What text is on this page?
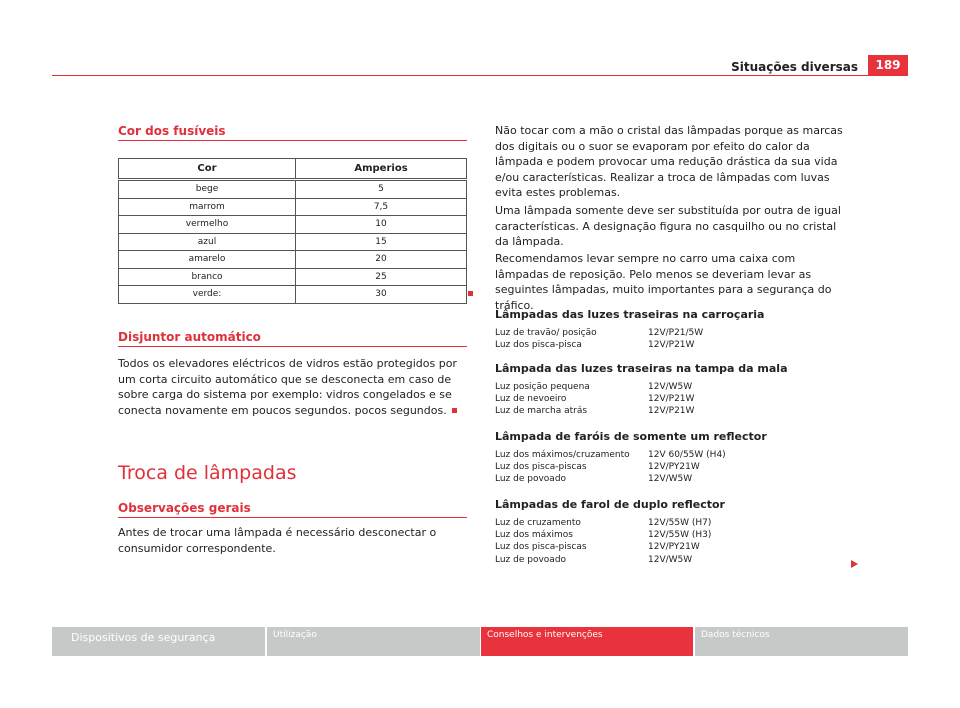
Situações diversas	189
Cor dos fusíveis
Cor	Amperios
bege	5
marrom	7,5
vermelho	10
azul	15
amarelo	20
branco	25
verde:	30
Disjuntor automático

Todos os elevadores eléctricos de vidros estão protegidos por um corta circuito automático que se desconecta em caso de sobre carga do sistema por exemplo: vidros congelados e se conecta novamente em poucos segundos. pocos segundos.

Troca de lâmpadas
Observações gerais

Antes de trocar uma lâmpada é necessário desconectar o consumidor correspondente.

Não tocar com a mão o cristal das lâmpadas porque as marcas dos digitais ou o suor se evaporam por efeito do calor da lâmpada e podem provocar uma redução drástica da sua vida e/ou características. Realizar a troca de lâmpadas com luvas evita estes problemas.

Uma lâmpada somente deve ser substituída por outra de igual características. A designação figura no casquilho ou no cristal da lâmpada.

Recomendamos levar sempre no carro uma caixa com lâmpadas de reposição. Pelo menos se deveriam levar as seguintes lâmpadas, muito importantes para a segurança do tráfico.

Lâmpadas das luzes traseiras na carroçaria
Luz de travão/ posição	12V/P21/5W
Luz dos pisca-pisca	12V/P21W
Lâmpada das luzes traseiras na tampa da mala
Luz posição pequena	12V/W5W
Luz de nevoeiro	12V/P21W
Luz de marcha atrás	12V/P21W
Lâmpada de faróis de somente um reflector
Luz dos máximos/cruzamento	12V 60/55W (H4)
Luz dos pisca-piscas	12V/PY21W
Luz de povoado	12V/W5W
Lâmpadas de farol de duplo reflector
Luz de cruzamento	12V/55W (H7)
Luz dos máximos	12V/55W (H3)
Luz dos pisca-piscas	12V/PY21W
Luz de povoado	12V/W5W
Dispositivos de segurança	Utilização	Conselhos e intervenções	Dados técnicos
